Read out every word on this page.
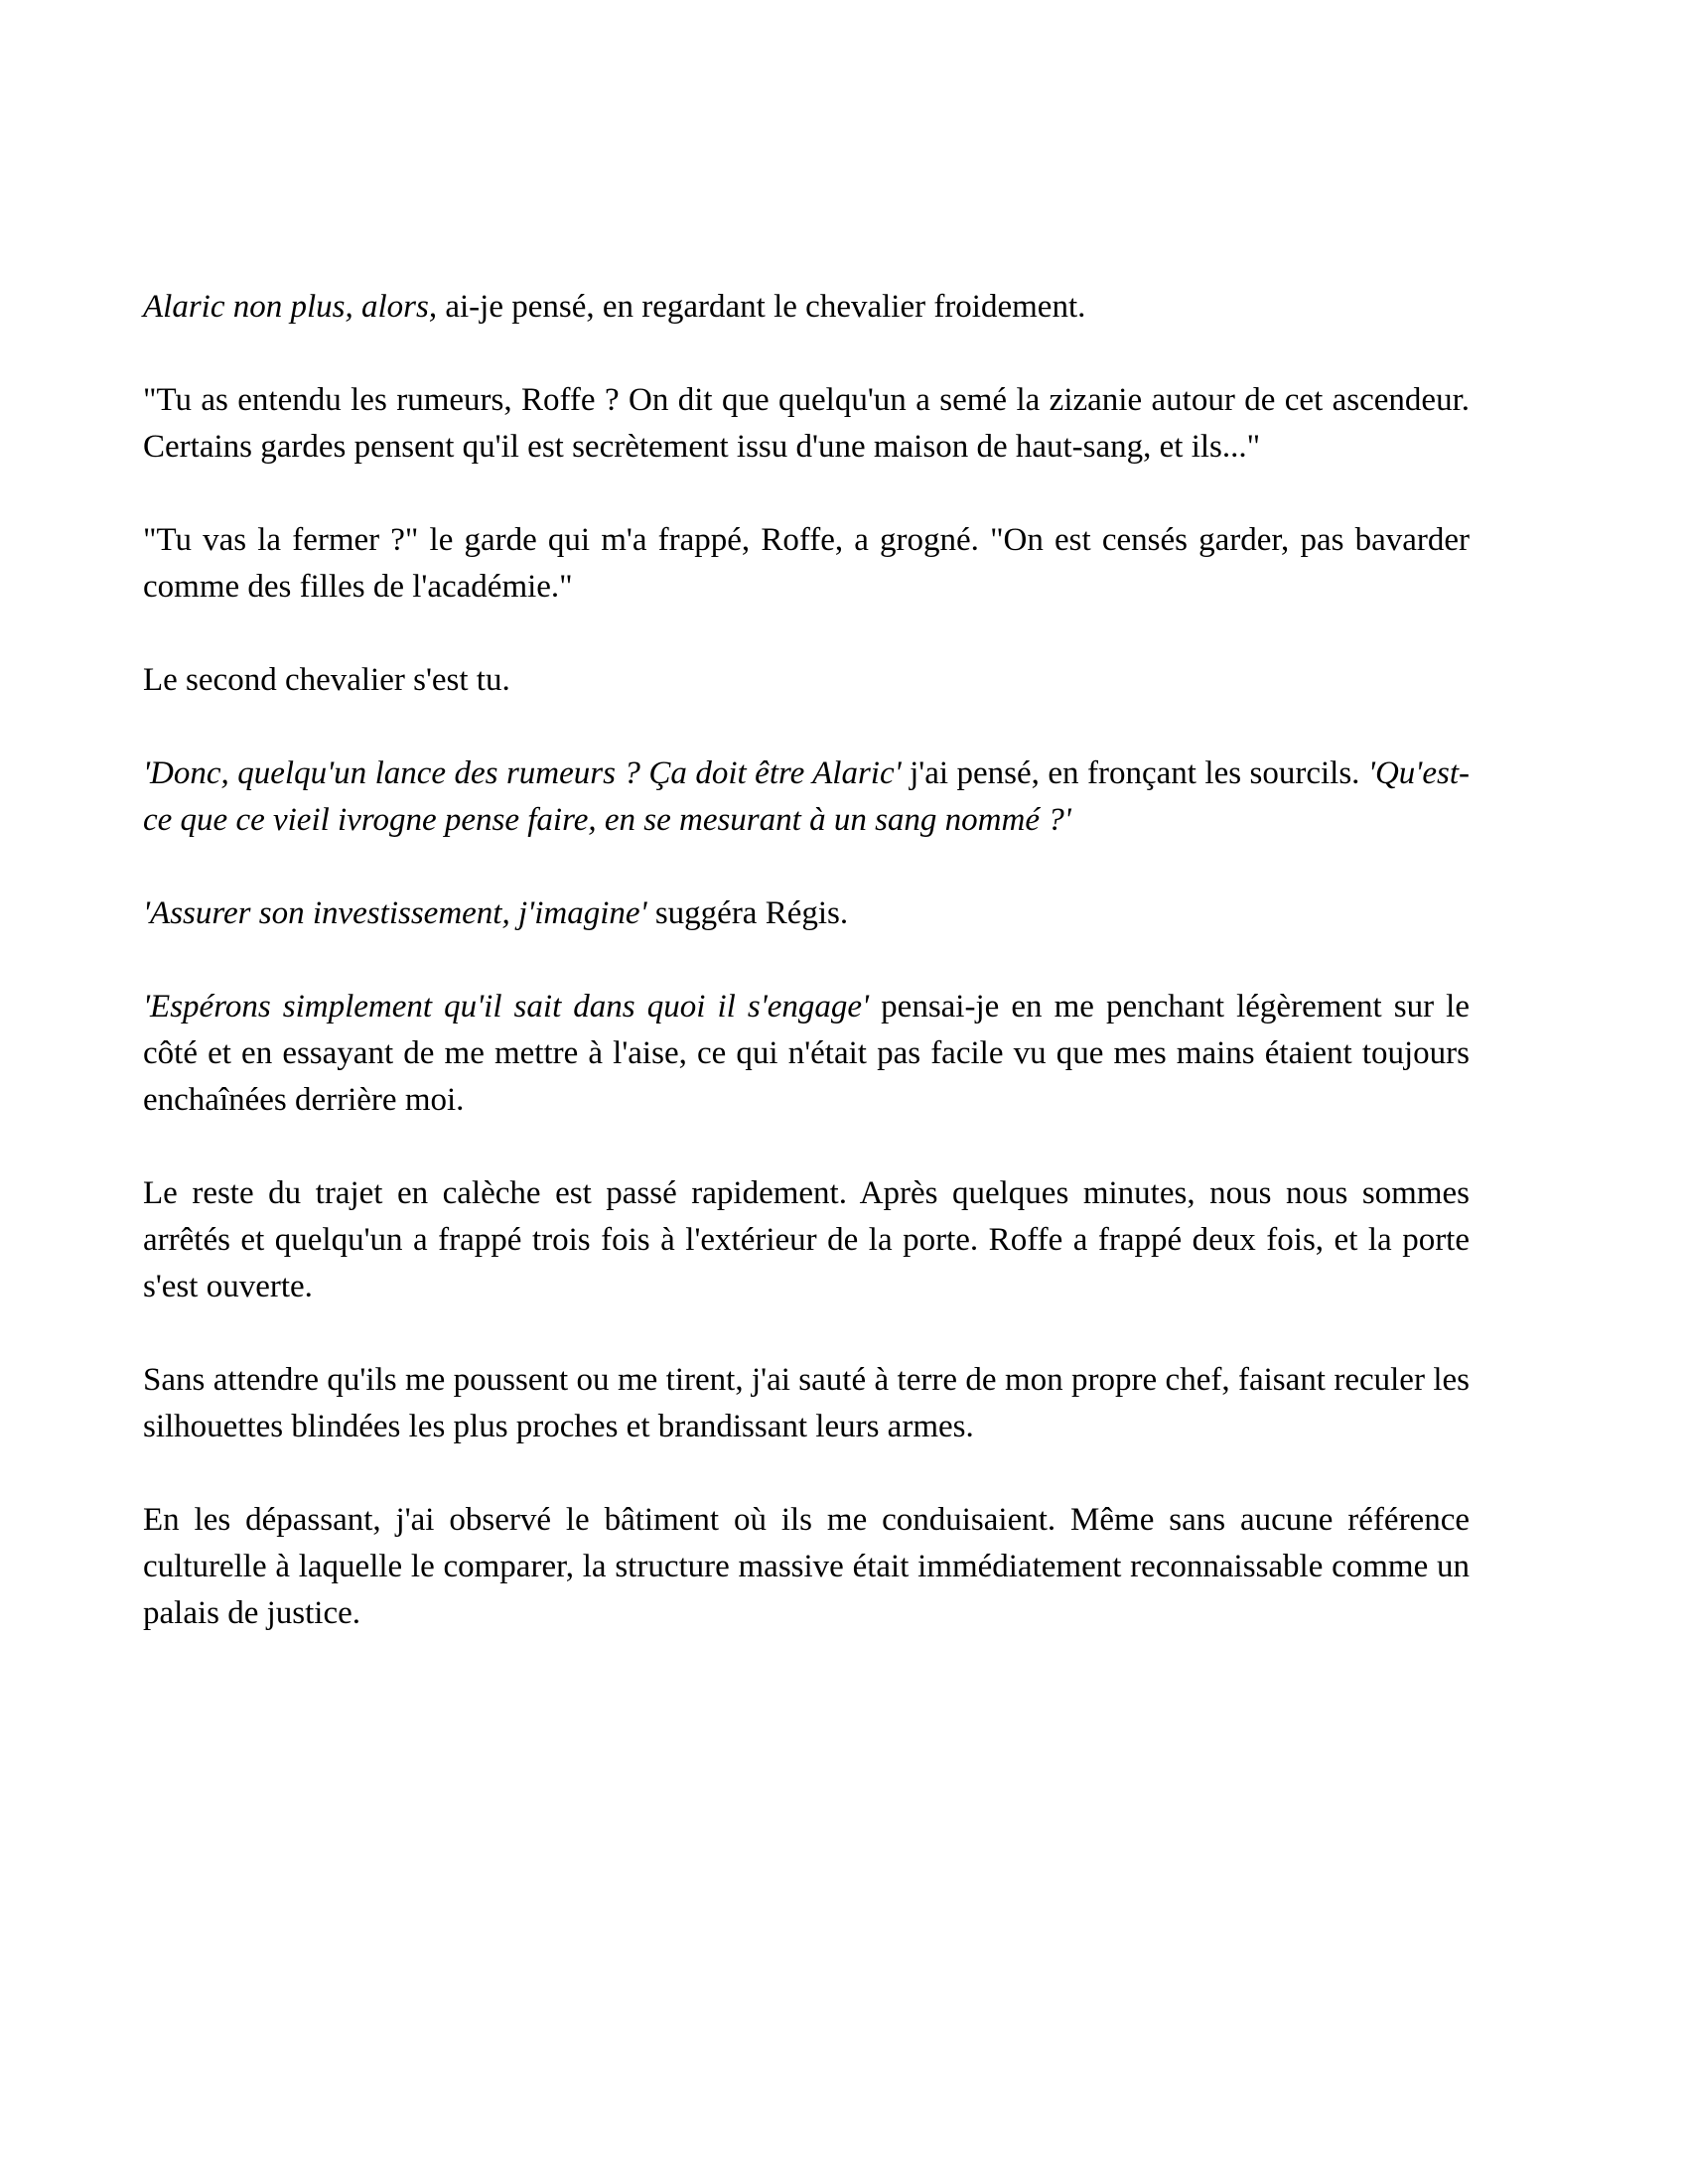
Alaric non plus, alors, ai-je pensé, en regardant le chevalier froidement.

"Tu as entendu les rumeurs, Roffe ? On dit que quelqu'un a semé la zizanie autour de cet ascendeur. Certains gardes pensent qu'il est secrètement issu d'une maison de haut-sang, et ils..."

"Tu vas la fermer ?" le garde qui m'a frappé, Roffe, a grogné. "On est censés garder, pas bavarder comme des filles de l'académie."

Le second chevalier s'est tu.

'Donc, quelqu'un lance des rumeurs ? Ça doit être Alaric' j'ai pensé, en fronçant les sourcils. 'Qu'est-ce que ce vieil ivrogne pense faire, en se mesurant à un sang nommé ?'

'Assurer son investissement, j'imagine' suggéra Régis.

'Espérons simplement qu'il sait dans quoi il s'engage' pensai-je en me penchant légèrement sur le côté et en essayant de me mettre à l'aise, ce qui n'était pas facile vu que mes mains étaient toujours enchaînées derrière moi.

Le reste du trajet en calèche est passé rapidement. Après quelques minutes, nous nous sommes arrêtés et quelqu'un a frappé trois fois à l'extérieur de la porte. Roffe a frappé deux fois, et la porte s'est ouverte.

Sans attendre qu'ils me poussent ou me tirent, j'ai sauté à terre de mon propre chef, faisant reculer les silhouettes blindées les plus proches et brandissant leurs armes.

En les dépassant, j'ai observé le bâtiment où ils me conduisaient. Même sans aucune référence culturelle à laquelle le comparer, la structure massive était immédiatement reconnaissable comme un palais de justice.
